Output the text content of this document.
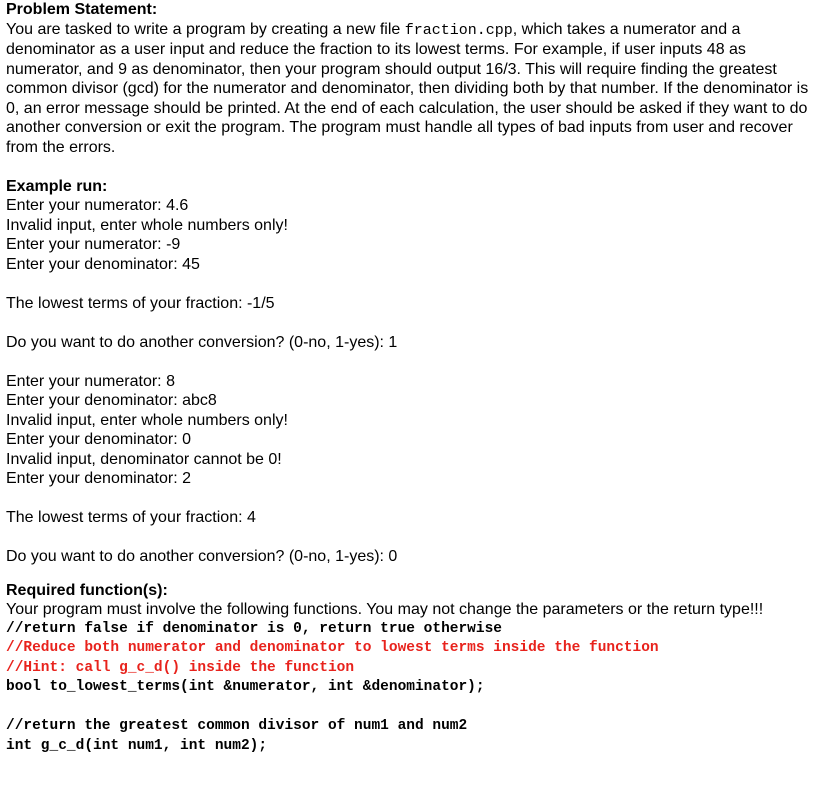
Problem Statement:

You are tasked to write a program by creating a new file fraction.cpp, which takes a numerator and a denominator as a user input and reduce the fraction to its lowest terms. For example, if user inputs 48 as numerator, and 9 as denominator, then your program should output 16/3. This will require finding the greatest common divisor (gcd) for the numerator and denominator, then dividing both by that number. If the denominator is 0, an error message should be printed. At the end of each calculation, the user should be asked if they want to do another conversion or exit the program. The program must handle all types of bad inputs from user and recover from the errors.

Example run:
Enter your numerator: 4.6
Invalid input, enter whole numbers only!
Enter your numerator: -9
Enter your denominator: 45
The lowest terms of your fraction: -1/5
Do you want to do another conversion? (0-no, 1-yes): 1
Enter your numerator: 8
Enter your denominator: abc8
Invalid input, enter whole numbers only!
Enter your denominator: 0
Invalid input, denominator cannot be 0!
Enter your denominator: 2
The lowest terms of your fraction: 4
Do you want to do another conversion? (0-no, 1-yes): 0
Required function(s):

Your program must involve the following functions. You may not change the parameters or the return type!!!

//return false if denominator is 0, return true otherwise
//Reduce both numerator and denominator to lowest terms inside the function
//Hint: call g_c_d() inside the function
bool to_lowest_terms(int &numerator, int &denominator);
//return the greatest common divisor of num1 and num2
int g_c_d(int num1, int num2);
